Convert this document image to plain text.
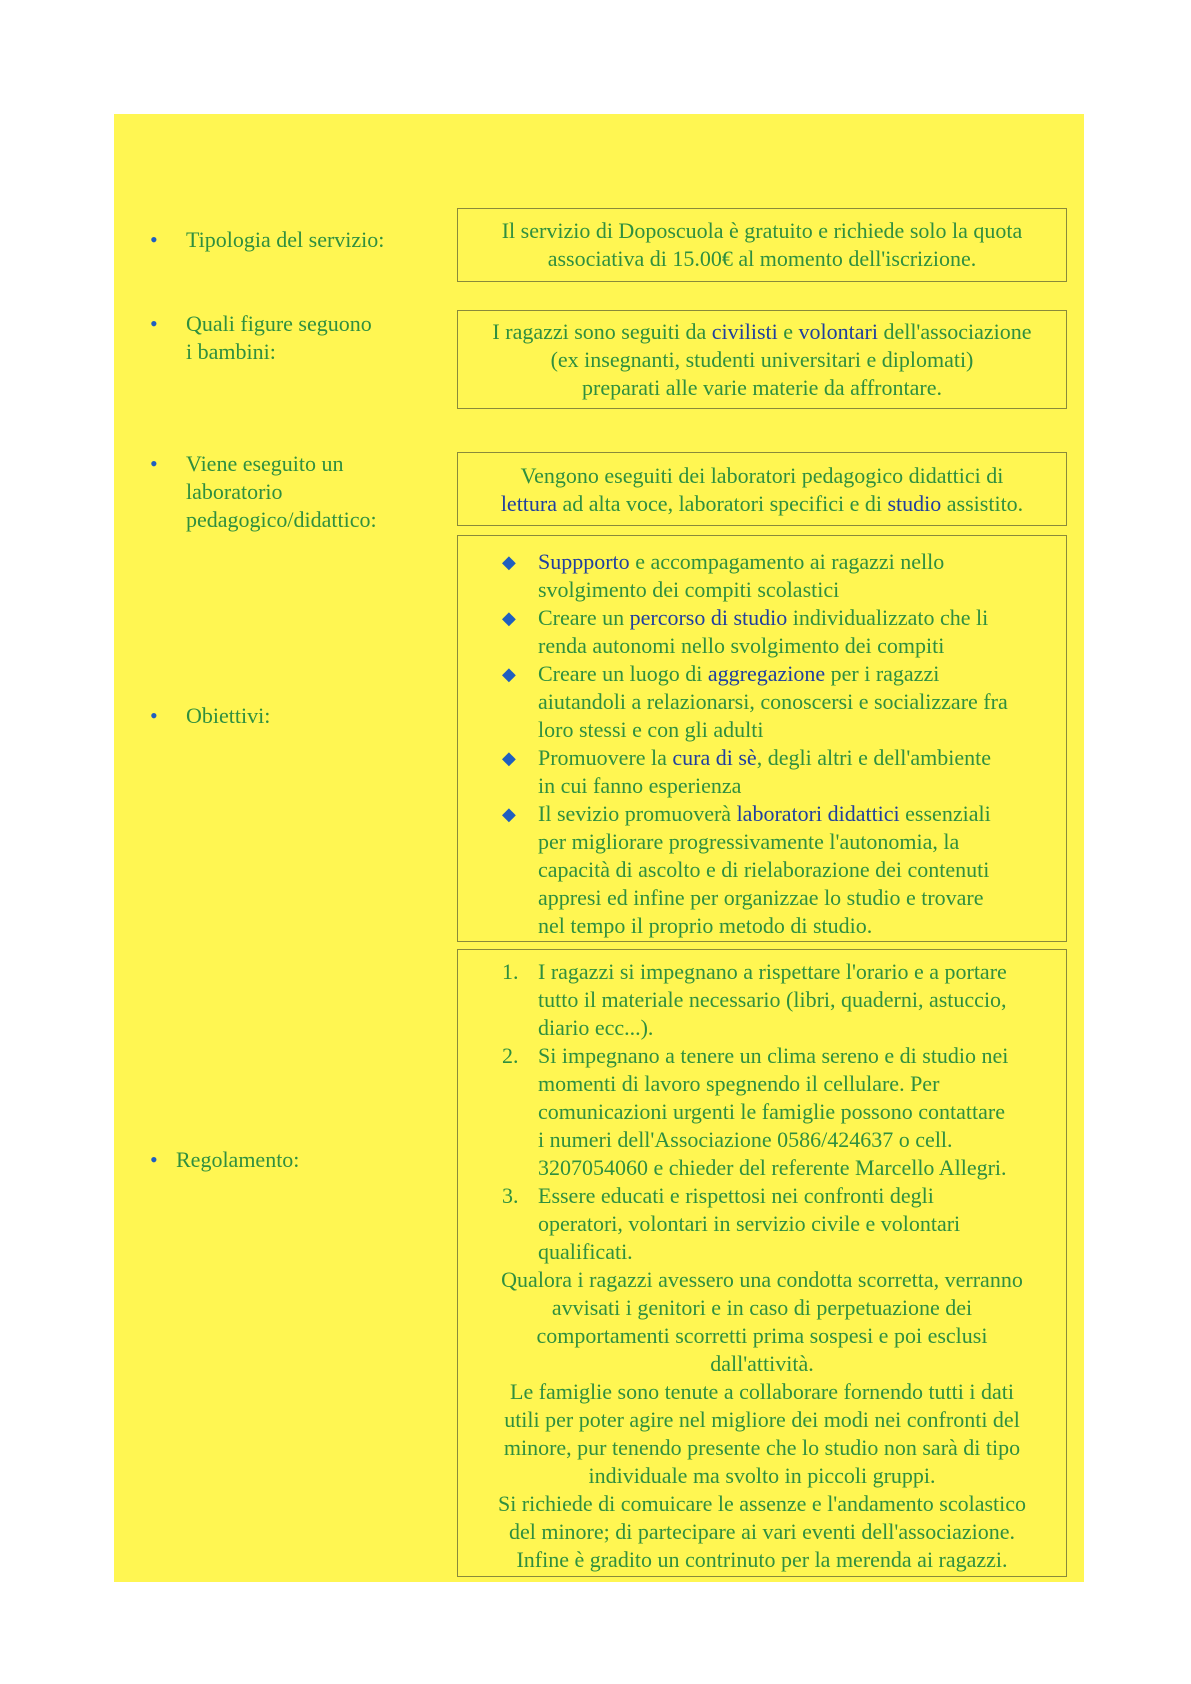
• Tipologia del servizio:	Il servizio di Doposcuola è gratuito e richiede solo la quota
associativa di 15.00€ al momento dell'iscrizione.
• Quali figure seguono
i bambini:
I ragazzi sono seguiti da civilisti e volontari dell'associazione
(ex insegnanti, studenti universitari e diplomati)
preparati alle varie materie da affrontare.
• Viene eseguito un
laboratorio
pedagogico/didattico:
Vengono eseguiti dei laboratori pedagogico didattici di
lettura ad alta voce, laboratori specifici e di studio assistito.
• Obiettivi:
◆ Suppporto e accompagamento ai ragazzi nello
svolgimento dei compiti scolastici
◆ Creare un percorso di studio individualizzato che li
renda autonomi nello svolgimento dei compiti
◆ Creare un luogo di aggregazione per i ragazzi
aiutandoli a relazionarsi, conoscersi e socializzare fra
loro stessi e con gli adulti
◆ Promuovere la cura di sè, degli altri e dell'ambiente
in cui fanno esperienza
◆ Il sevizio promuoverà laboratori didattici essenziali
per migliorare progressivamente l'autonomia, la
capacità di ascolto e di rielaborazione dei contenuti
appresi ed infine per organizzae lo studio e trovare
nel tempo il proprio metodo di studio.
• Regolamento:
1. I ragazzi si impegnano a rispettare l'orario e a portare
tutto il materiale necessario (libri, quaderni, astuccio,
diario ecc...).
2. Si impegnano a tenere un clima sereno e di studio nei
momenti di lavoro spegnendo il cellulare. Per
comunicazioni urgenti le famiglie possono contattare
i numeri dell'Associazione 0586/424637 o cell.
3207054060 e chieder del referente Marcello Allegri.
3. Essere educati e rispettosi nei confronti degli
operatori, volontari in servizio civile e volontari
qualificati.
Qualora i ragazzi avessero una condotta scorretta, verranno
avvisati i genitori e in caso di perpetuazione dei
comportamenti scorretti prima sospesi e poi esclusi
dall'attività.
Le famiglie sono tenute a collaborare fornendo tutti i dati
utili per poter agire nel migliore dei modi nei confronti del
minore, pur tenendo presente che lo studio non sarà di tipo
individuale ma svolto in piccoli gruppi.
Si richiede di comuicare le assenze e l'andamento scolastico
del minore; di partecipare ai vari eventi dell'associazione.
Infine è gradito un contrinuto per la merenda ai ragazzi.
